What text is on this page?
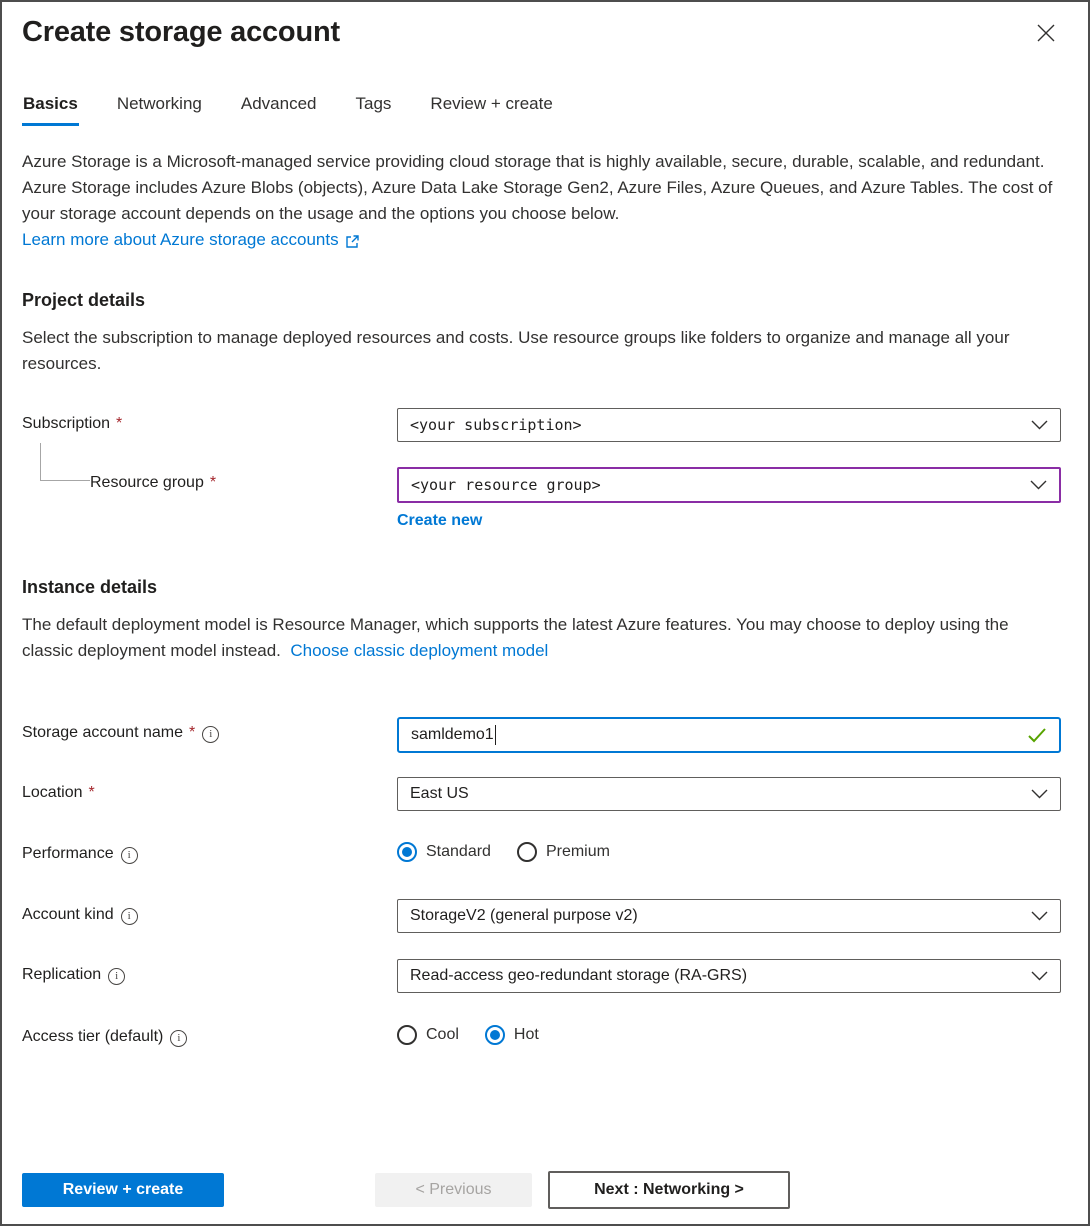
Create storage account
Basics Networking Advanced Tags Review + create

Azure Storage is a Microsoft-managed service providing cloud storage that is highly available, secure, durable, scalable, and redundant. Azure Storage includes Azure Blobs (objects), Azure Data Lake Storage Gen2, Azure Files, Azure Queues, and Azure Tables. The cost of your storage account depends on the usage and the options you choose below.

Learn more about Azure storage accounts
Project details

Select the subscription to manage deployed resources and costs. Use resource groups like folders to organize and manage all your resources.

Subscription *	<your subscription>
Resource group *	<your resource group>
Create new
Instance details

The default deployment model is Resource Manager, which supports the latest Azure features. You may choose to deploy using the classic deployment model instead. Choose classic deployment model

Storage account name *	i	samldemo1
Location *	East US
Performance	i	Standard	Premium
Account kind	i	StorageV2 (general purpose v2)
Replication	i	Read-access geo-redundant storage (RA-GRS)
Access tier (default)	i	Cool	Hot
Review + create	< Previous	Next : Networking >
